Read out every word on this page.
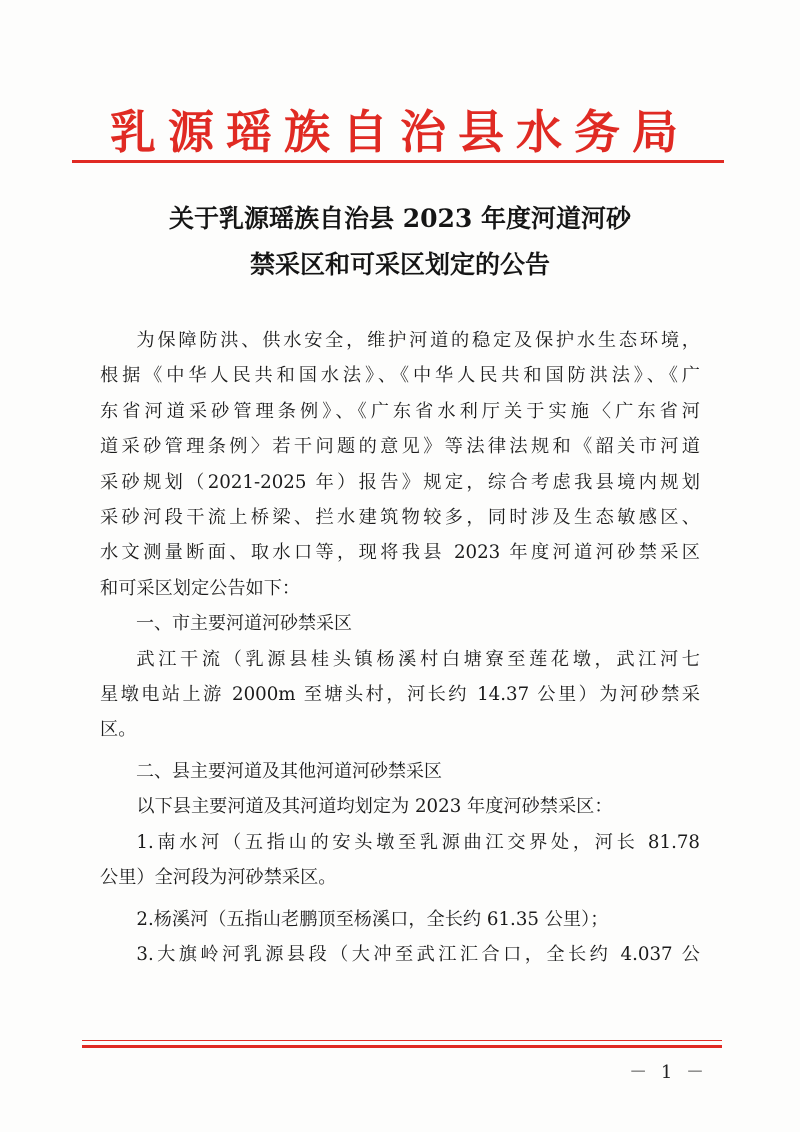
乳源瑶族自治县水务局
关于乳源瑶族自治县 2023 年度河道河砂
禁采区和可采区划定的公告
为保障防洪、供水安全，维护河道的稳定及保护水生态环境，
根据《中华人民共和国水法》、《中华人民共和国防洪法》、《广
东省河道采砂管理条例》、《广东省水利厅关于实施〈广东省河
道采砂管理条例〉若干问题的意见》等法律法规和《韶关市河道
采砂规划（2021-2025 年）报告》规定，综合考虑我县境内规划
采砂河段干流上桥梁、拦水建筑物较多，同时涉及生态敏感区、
水文测量断面、取水口等，现将我县 2023 年度河道河砂禁采区
和可采区划定公告如下：
一、市主要河道河砂禁采区
武江干流（乳源县桂头镇杨溪村白塘寮至莲花墩，武江河七
星墩电站上游 2000m 至塘头村，河长约 14.37 公里）为河砂禁采
区。
二、县主要河道及其他河道河砂禁采区
以下县主要河道及其河道均划定为 2023 年度河砂禁采区：
1.南水河（五指山的安头墩至乳源曲江交界处，河长 81.78
公里）全河段为河砂禁采区。
2.杨溪河（五指山老鹏顶至杨溪口，全长约 61.35 公里）；
3.大旗岭河乳源县段（大冲至武江汇合口，全长约 4.037 公
－ 1 －
